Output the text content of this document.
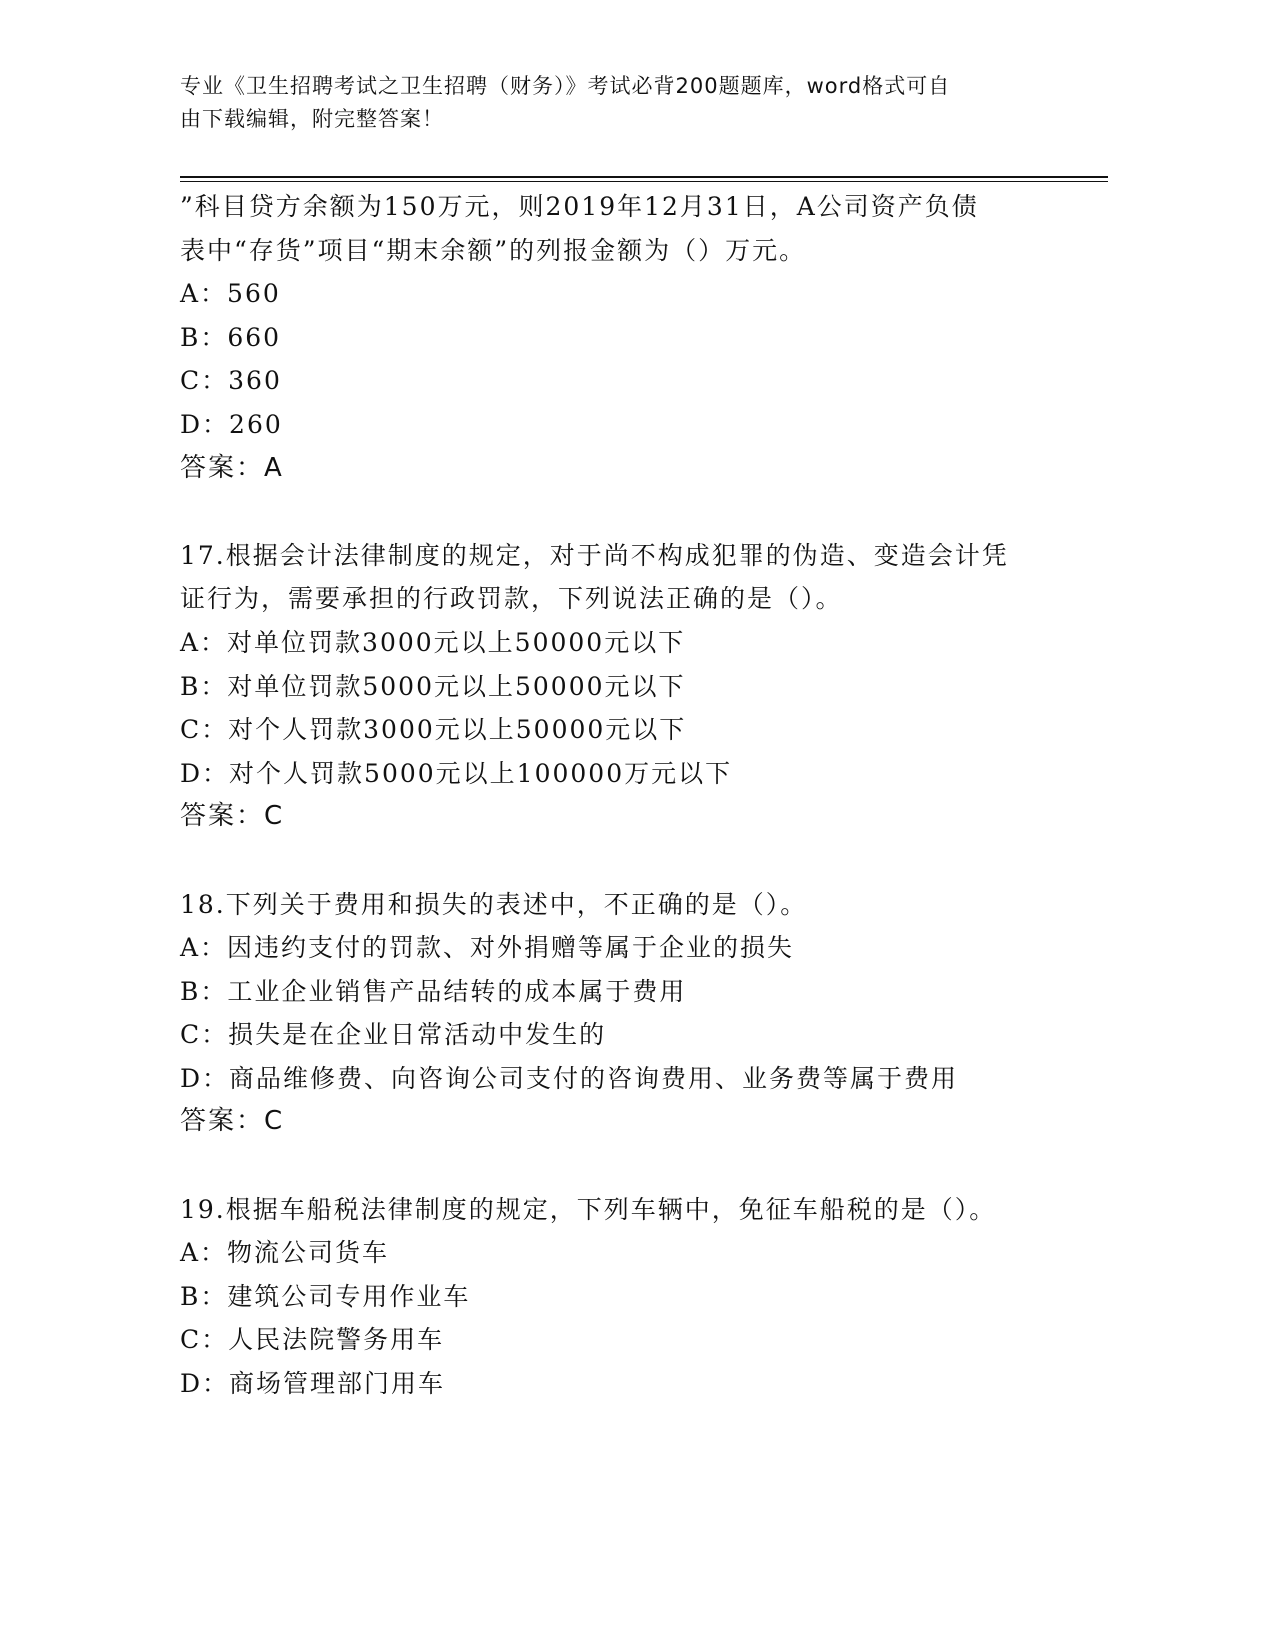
专业《卫生招聘考试之卫生招聘（财务）》考试必背200题题库，word格式可自
由下载编辑，附完整答案！
”科目贷方余额为150万元，则2019年12月31日，A公司资产负债
表中“存货”项目“期末余额”的列报金额为（）万元。
A：560
B：660
C：360
D：260
答案：A
17.根据会计法律制度的规定，对于尚不构成犯罪的伪造、变造会计凭
证行为，需要承担的行政罚款，下列说法正确的是（）。
A：对单位罚款3000元以上50000元以下
B：对单位罚款5000元以上50000元以下
C：对个人罚款3000元以上50000元以下
D：对个人罚款5000元以上100000万元以下
答案：C
18.下列关于费用和损失的表述中，不正确的是（）。
A：因违约支付的罚款、对外捐赠等属于企业的损失
B：工业企业销售产品结转的成本属于费用
C：损失是在企业日常活动中发生的
D：商品维修费、向咨询公司支付的咨询费用、业务费等属于费用
答案：C
19.根据车船税法律制度的规定，下列车辆中，免征车船税的是（）。
A：物流公司货车
B：建筑公司专用作业车
C：人民法院警务用车
D：商场管理部门用车
